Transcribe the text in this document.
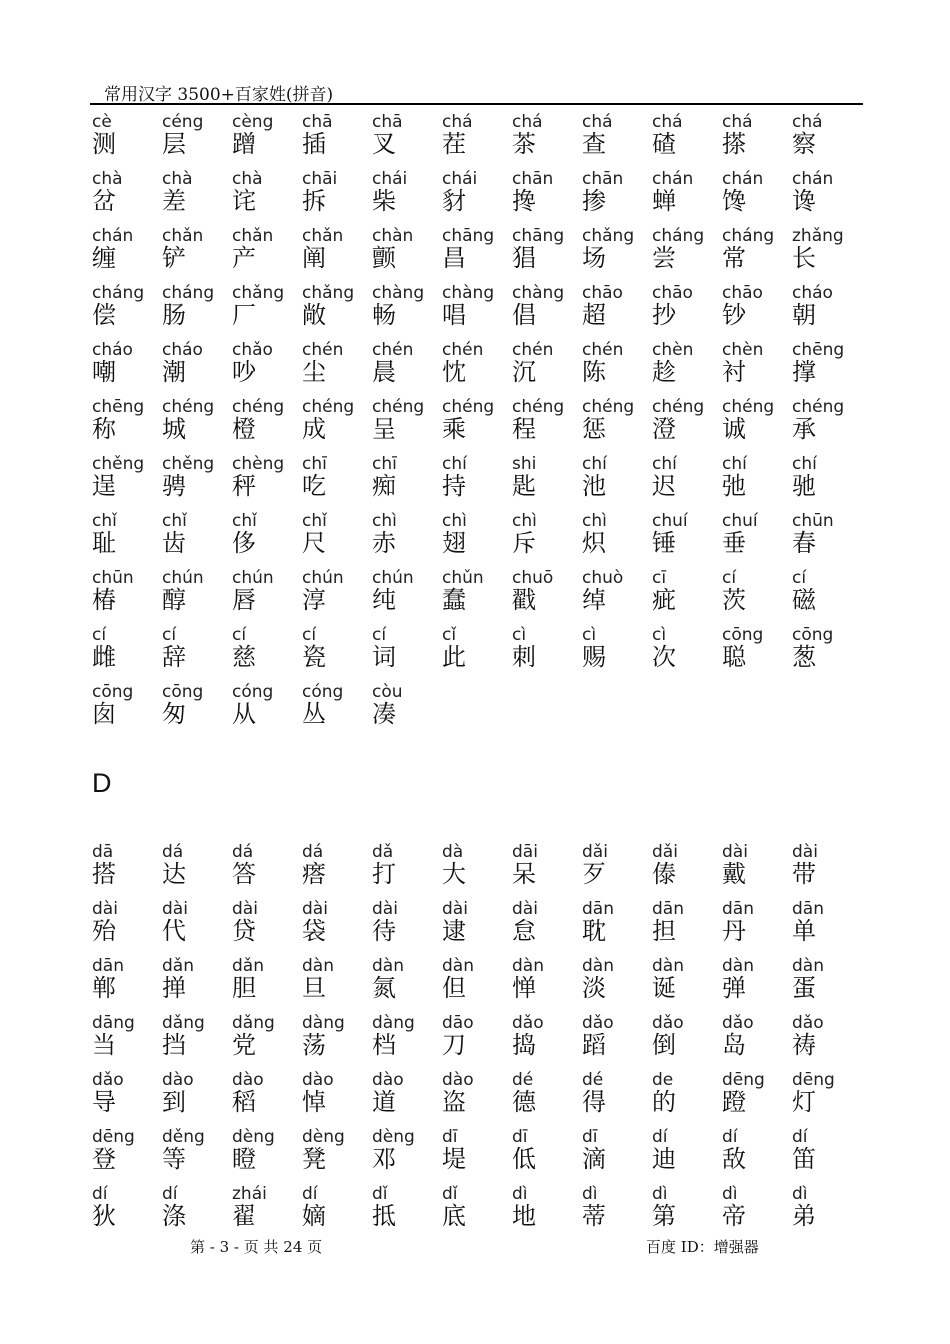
常用汉字 3500+百家姓(拼音)
cè
测
céng
层
cèng
蹭
chā
插
chā
叉
chá
茬
chá
茶
chá
查
chá
碴
chá
搽
chá
察
chà
岔
chà
差
chà
诧
chāi
拆
chái
柴
chái
豺
chān
搀
chān
掺
chán
蝉
chán
馋
chán
谗
chán
缠
chǎn
铲
chǎn
产
chǎn
阐
chàn
颤
chāng
昌
chāng
猖
chǎng
场
cháng
尝
cháng
常
zhǎng
长
cháng
偿
cháng
肠
chǎng
厂
chǎng
敞
chàng
畅
chàng
唱
chàng
倡
chāo
超
chāo
抄
chāo
钞
cháo
朝
cháo
嘲
cháo
潮
chǎo
吵
chén
尘
chén
晨
chén
忱
chén
沉
chén
陈
chèn
趁
chèn
衬
chēng
撑
chēng
称
chéng
城
chéng
橙
chéng
成
chéng
呈
chéng
乘
chéng
程
chéng
惩
chéng
澄
chéng
诚
chéng
承
chěng
逞
chěng
骋
chèng
秤
chī
吃
chī
痴
chí
持
shi
匙
chí
池
chí
迟
chí
弛
chí
驰
chǐ
耻
chǐ
齿
chǐ
侈
chǐ
尺
chì
赤
chì
翅
chì
斥
chì
炽
chuí
锤
chuí
垂
chūn
春
chūn
椿
chún
醇
chún
唇
chún
淳
chún
纯
chǔn
蠢
chuō
戳
chuò
绰
cī
疵
cí
茨
cí
磁
cí
雌
cí
辞
cí
慈
cí
瓷
cí
词
cǐ
此
cì
刺
cì
赐
cì
次
cōng
聪
cōng
葱
cōng
囱
cōng
匆
cóng
从
cóng
丛
còu
凑
D
dā
搭
dá
达
dá
答
dá
瘩
dǎ
打
dà
大
dāi
呆
dǎi
歹
dǎi
傣
dài
戴
dài
带
dài
殆
dài
代
dài
贷
dài
袋
dài
待
dài
逮
dài
怠
dān
耽
dān
担
dān
丹
dān
单
dān
郸
dǎn
掸
dǎn
胆
dàn
旦
dàn
氮
dàn
但
dàn
惮
dàn
淡
dàn
诞
dàn
弹
dàn
蛋
dāng
当
dǎng
挡
dǎng
党
dàng
荡
dàng
档
dāo
刀
dǎo
捣
dǎo
蹈
dǎo
倒
dǎo
岛
dǎo
祷
dǎo
导
dào
到
dào
稻
dào
悼
dào
道
dào
盗
dé
德
dé
得
de
的
dēng
蹬
dēng
灯
dēng
登
děng
等
dèng
瞪
dèng
凳
dèng
邓
dī
堤
dī
低
dī
滴
dí
迪
dí
敌
dí
笛
dí
狄
dí
涤
zhái
翟
dí
嫡
dǐ
抵
dǐ
底
dì
地
dì
蒂
dì
第
dì
帝
dì
弟
第 - 3 - 页 共 24 页	百度 ID：增强器
